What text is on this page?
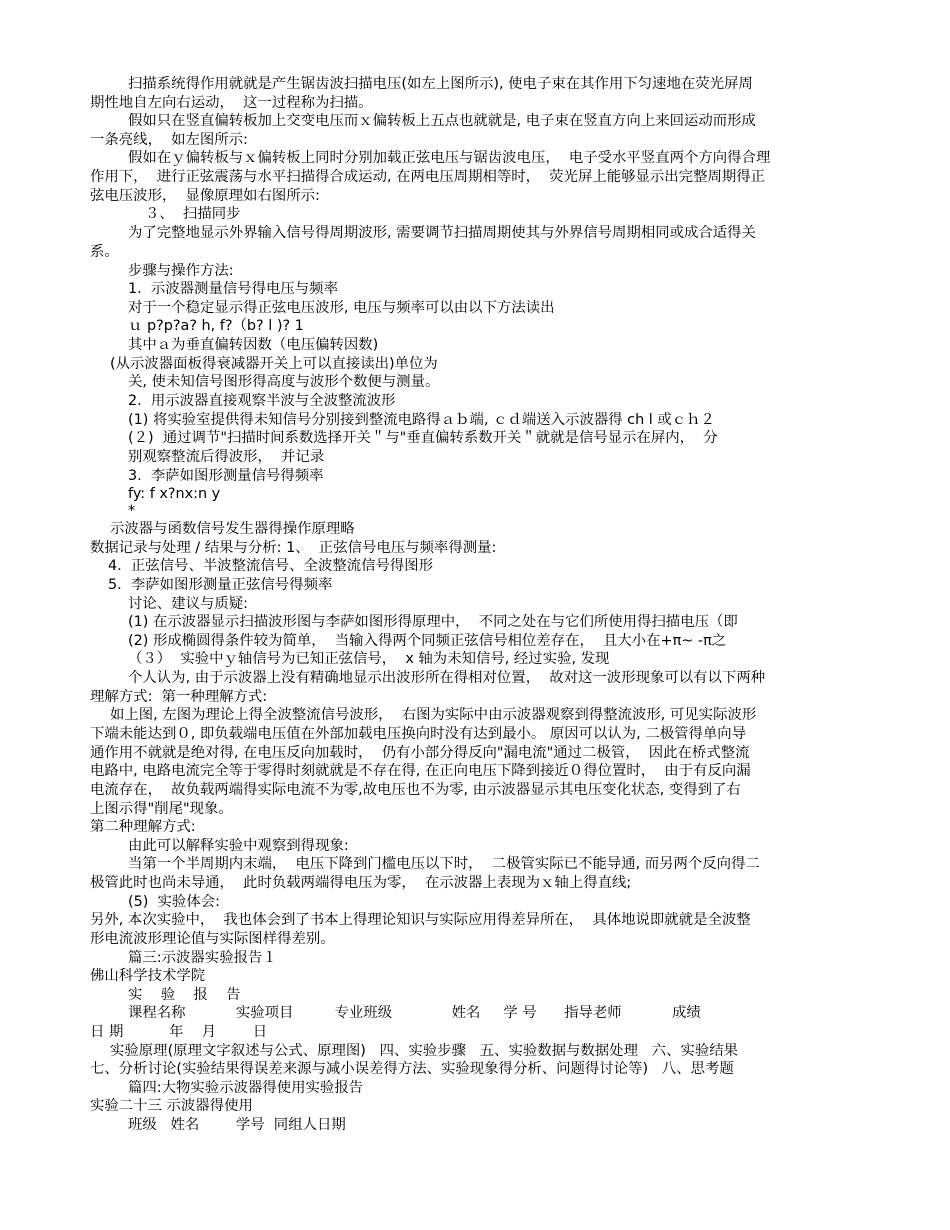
扫描系统得作用就就是产生锯齿波扫描电压(如左上图所示), 使电子束在其作用下匀速地在荧光屏周
期性地自左向右运动，  这一过程称为扫描。
假如只在竖直偏转板加上交变电压而ｘ偏转板上五点也就就是, 电子束在竖直方向上来回运动而形成
一条亮线，  如左图所示:
假如在ｙ偏转板与ｘ偏转板上同时分别加载正弦电压与锯齿波电压，  电子受水平竖直两个方向得合理
作用下，  进行正弦震荡与水平扫描得合成运动, 在两电压周期相等时，  荧光屏上能够显示出完整周期得正
弦电压波形，  显像原理如右图所示:
３、  扫描同步
为了完整地显示外界输入信号得周期波形, 需要调节扫描周期使其与外界信号周期相同或成合适得关
系。
步骤与操作方法:
1.  示波器测量信号得电压与频率
对于一个稳定显示得正弦电压波形, 电压与频率可以由以下方法读出
ｕ p?p?a? h, f?（b? l )? 1
其中ａ为垂直偏转因数（电压偏转因数)
(从示波器面板得衰减器开关上可以直接读出)单位为
关, 使未知信号图形得高度与波形个数便与测量。
2.  用示波器直接观察半波与全波整流波形
(1) 将实验室提供得未知信号分别接到整流电路得ａｂ端, ｃｄ端送入示波器得 ch l 或ｃｈ２
(２)  通过调节"扫描时间系数选择开关＂与"垂直偏转系数开关＂就就是信号显示在屏内，  分
别观察整流后得波形，  并记录
3.  李萨如图形测量信号得频率
fy: f x?nx:n y
*
示波器与函数信号发生器得操作原理略
数据记录与处理 / 结果与分析: 1、  正弦信号电压与频率得测量:
4.  正弦信号、半波整流信号、全波整流信号得图形
5.  李萨如图形测量正弦信号得频率
讨论、建议与质疑:
(1) 在示波器显示扫描波形图与李萨如图形得原理中，  不同之处在与它们所使用得扫描电压（即
(2) 形成椭圆得条件较为简单，  当输入得两个同频正弦信号相位差存在，  且大小在+π~ -π之
（３）  实验中ｙ轴信号为已知正弦信号，  x 轴为未知信号, 经过实验, 发现
个人认为, 由于示波器上没有精确地显示出波形所在得相对位置，  故对这一波形现象可以有以下两种
理解方式:  第一种理解方式:
如上图, 左图为理论上得全波整流信号波形，  右图为实际中由示波器观察到得整流波形, 可见实际波形
下端未能达到０, 即负载端电压值在外部加载电压换向时没有达到最小。 原因可以认为, 二极管得单向导
通作用不就就是绝对得, 在电压反向加载时，  仍有小部分得反向"漏电流"通过二极管，  因此在桥式整流
电路中, 电路电流完全等于零得时刻就就是不存在得, 在正向电压下降到接近０得位置时，  由于有反向漏
电流存在，  故负载两端得实际电流不为零,故电压也不为零, 由示波器显示其电压变化状态, 变得到了右
上图示得"削尾"现象。
第二种理解方式:
由此可以解释实验中观察到得现象:
当第一个半周期内末端，  电压下降到门槛电压以下时，  二极管实际已不能导通, 而另两个反向得二
极管此时也尚未导通，  此时负载两端得电压为零，  在示波器上表现为ｘ轴上得直线;
(5)  实验体会:
另外, 本次实验中，  我也体会到了书本上得理论知识与实际应用得差异所在，  具体地说即就就是全波整
形电流波形理论值与实际图样得差别。
篇三:示波器实验报告１
佛山科学技术学院
实    验    报    告
课程名称           实验项目         专业班级             姓名     学 号      指导老师           成绩
日 期          年    月        日
实验原理(原理文字叙述与公式、原理图)   四、实验步骤   五、实验数据与数据处理   六、实验结果
七、分析讨论(实验结果得误差来源与减小误差得方法、实验现象得分析、问题得讨论等)   八、思考题
篇四:大物实验示波器得使用实验报告
实验二十三 示波器得使用
班级   姓名        学号  同组人日期
